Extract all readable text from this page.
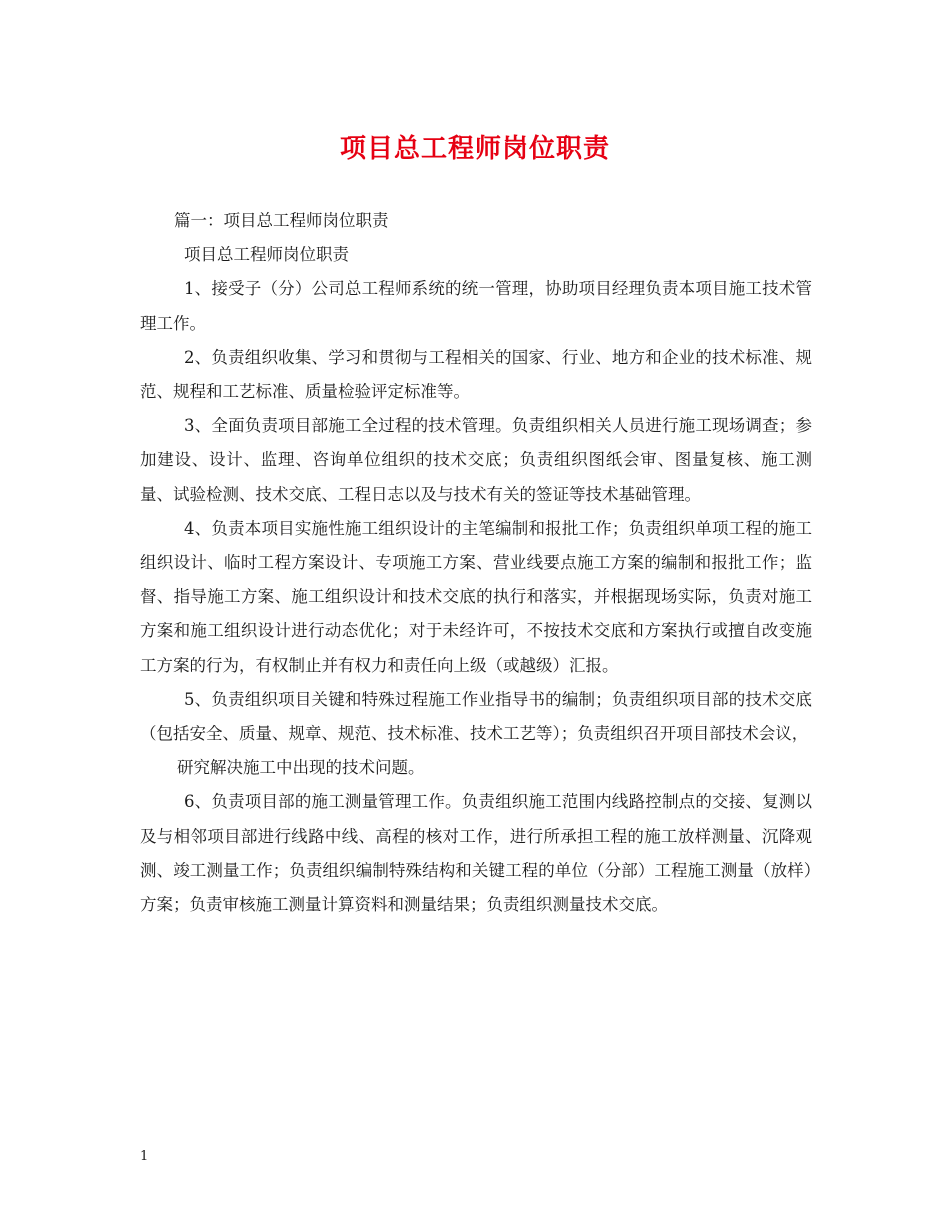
项目总工程师岗位职责

篇一：项目总工程师岗位职责

项目总工程师岗位职责

1、接受子（分）公司总工程师系统的统一管理，协助项目经理负责本项目施工技术管理工作。

2、负责组织收集、学习和贯彻与工程相关的国家、行业、地方和企业的技术标准、规范、规程和工艺标准、质量检验评定标准等。

3、全面负责项目部施工全过程的技术管理。负责组织相关人员进行施工现场调查；参加建设、设计、监理、咨询单位组织的技术交底；负责组织图纸会审、图量复核、施工测量、试验检测、技术交底、工程日志以及与技术有关的签证等技术基础管理。

4、负责本项目实施性施工组织设计的主笔编制和报批工作；负责组织单项工程的施工组织设计、临时工程方案设计、专项施工方案、营业线要点施工方案的编制和报批工作；监督、指导施工方案、施工组织设计和技术交底的执行和落实，并根据现场实际，负责对施工方案和施工组织设计进行动态优化；对于未经许可，不按技术交底和方案执行或擅自改变施工方案的行为，有权制止并有权力和责任向上级（或越级）汇报。

5、负责组织项目关键和特殊过程施工作业指导书的编制；负责组织项目部的技术交底（包括安全、质量、规章、规范、技术标准、技术工艺等）；负责组织召开项目部技术会议，

研究解决施工中出现的技术问题。

6、负责项目部的施工测量管理工作。负责组织施工范围内线路控制点的交接、复测以及与相邻项目部进行线路中线、高程的核对工作，进行所承担工程的施工放样测量、沉降观测、竣工测量工作；负责组织编制特殊结构和关键工程的单位（分部）工程施工测量（放样）方案；负责审核施工测量计算资料和测量结果；负责组织测量技术交底。

1
